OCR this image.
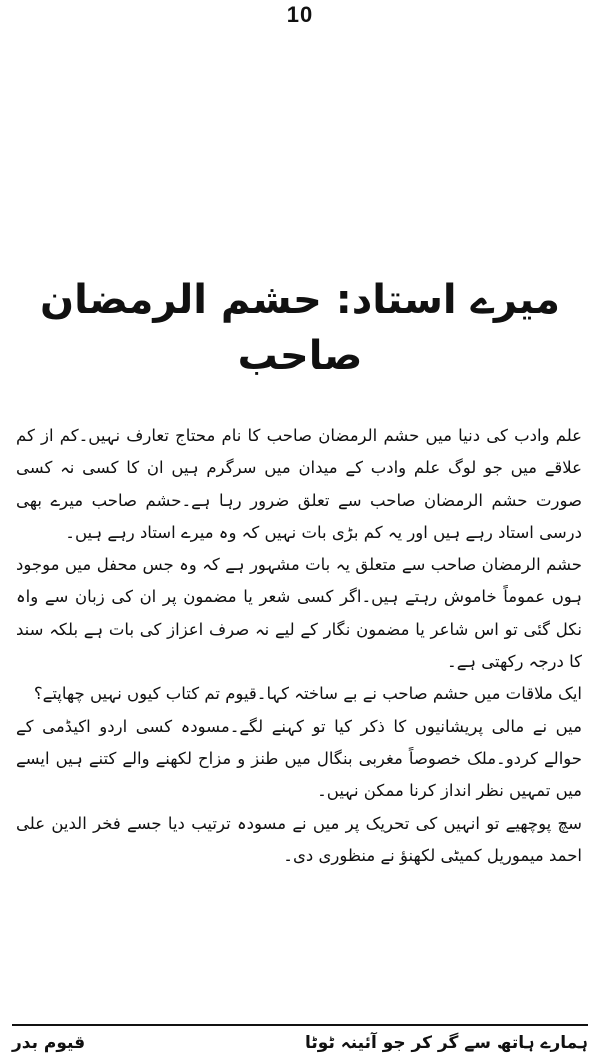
10
میرے استاد: حشم الرمضان صاحب

علم وادب کی دنیا میں حشم الرمضان صاحب کا نام محتاج تعارف نہیں۔کم از کم علاقے میں جو لوگ علم وادب کے میدان میں سرگرم ہیں ان کا کسی نہ کسی صورت حشم الرمضان صاحب سے تعلق ضرور رہا ہے۔حشم صاحب میرے بھی درسی استاد رہے ہیں اور یہ کم بڑی بات نہیں کہ وہ میرے استاد رہے ہیں۔

حشم الرمضان صاحب سے متعلق یہ بات مشہور ہے کہ وہ جس محفل میں موجود ہوں عموماً خاموش رہتے ہیں۔اگر کسی شعر یا مضمون پر ان کی زبان سے واہ نکل گئی تو اس شاعر یا مضمون نگار کے لیے نہ صرف اعزاز کی بات ہے بلکہ سند کا درجہ رکھتی ہے۔

ایک ملاقات میں حشم صاحب نے بے ساختہ کہا۔قیوم تم کتاب کیوں نہیں چھاپتے؟

میں نے مالی پریشانیوں کا ذکر کیا تو کہنے لگے۔مسودہ کسی اردو اکیڈمی کے حوالے کردو۔ملک خصوصاً مغربی بنگال میں طنز و مزاح لکھنے والے کتنے ہیں ایسے میں تمہیں نظر انداز کرنا ممکن نہیں۔

سچ پوچھیے تو انہیں کی تحریک پر میں نے مسودہ ترتیب دیا جسے فخر الدین علی احمد میموریل کمیٹی لکھنؤ نے منظوری دی۔

ہمارے ہاتھ سے گر کر جو آئینہ ٹوٹا
قیوم بدر
